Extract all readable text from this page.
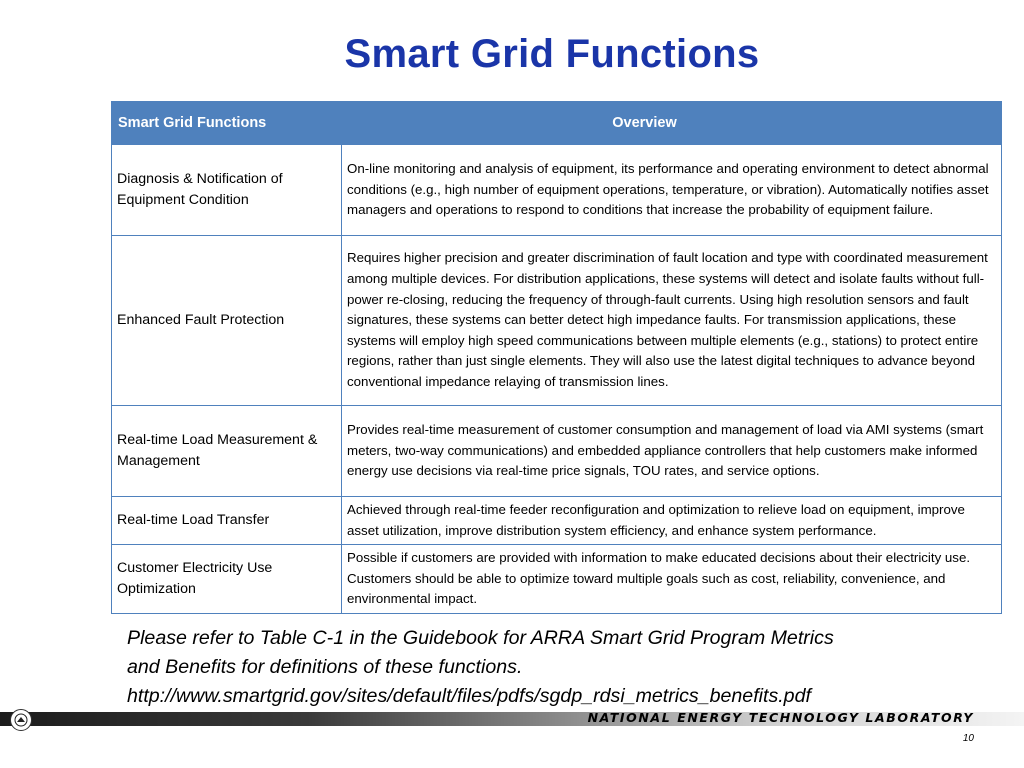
Smart Grid Functions
Smart Grid Functions	Overview
Diagnosis & Notification of Equipment Condition	On-line monitoring and analysis of equipment, its performance and operating environment to detect abnormal conditions (e.g., high number of equipment operations, temperature, or vibration). Automatically notifies asset managers and operations to respond to conditions that increase the probability of equipment failure.
Enhanced Fault Protection	Requires higher precision and greater discrimination of fault location and type with coordinated measurement among multiple devices. For distribution applications, these systems will detect and isolate faults without full-power re-closing, reducing the frequency of through-fault currents. Using high resolution sensors and fault signatures, these systems can better detect high impedance faults. For transmission applications, these systems will employ high speed communications between multiple elements (e.g., stations) to protect entire regions, rather than just single elements. They will also use the latest digital techniques to advance beyond conventional impedance relaying of transmission lines.
Real-time Load Measurement & Management	Provides real-time measurement of customer consumption and management of load via AMI systems (smart meters, two-way communications) and embedded appliance controllers that help customers make informed energy use decisions via real-time price signals, TOU rates, and service options.
Real-time Load Transfer	Achieved through real-time feeder reconfiguration and optimization to relieve load on equipment, improve asset utilization, improve distribution system efficiency, and enhance system performance.
Customer Electricity Use Optimization	Possible if customers are provided with information to make educated decisions about their electricity use. Customers should be able to optimize toward multiple goals such as cost, reliability, convenience, and environmental impact.
Please refer to Table C-1 in the Guidebook for ARRA Smart Grid Program Metrics
and Benefits for definitions of these functions.
http://www.smartgrid.gov/sites/default/files/pdfs/sgdp_rdsi_metrics_benefits.pdf
NATIONAL ENERGY TECHNOLOGY LABORATORY
10
